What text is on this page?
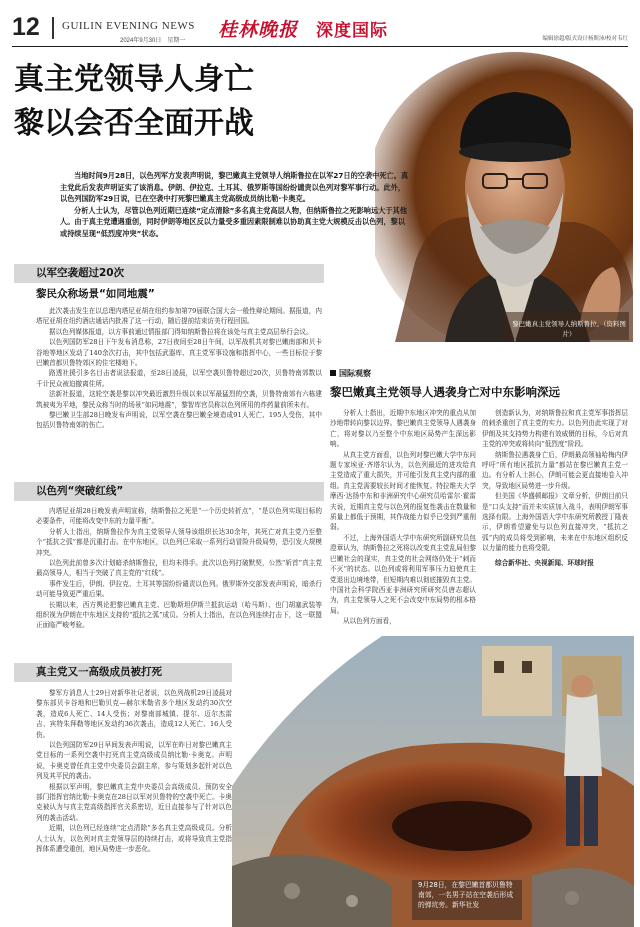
12 GUILIN EVENING NEWS
2024年9月30日　星期一 桂林晚报 深度国际	编辑徐超/版式设计杨斯沛/校对韦红
真主党领导人身亡
黎以会否全面开战
黎巴嫩真主党领导人纳斯鲁拉。（资料图片）

当地时间9月28日，以色列军方发表声明说，黎巴嫩真主党领导人纳斯鲁拉在以军27日的空袭中死亡。真主党此后发表声明证实了该消息。伊朗、伊拉克、土耳其、俄罗斯等国纷纷谴责以色列对黎军事行动。此外，以色列国防军29日说，已在空袭中打死黎巴嫩真主党高级成员纳比勒·卡奥克。

分析人士认为，尽管以色列近期已连续“定点清除”多名真主党高层人物，但纳斯鲁拉之死影响远大于其他人。由于真主党遭遇重创，同时伊朗等地区反以力量受多重因素限制难以协助真主党大规模反击以色列，黎以或持续呈现“低烈度冲突”状态。

以军空袭超过20次
黎民众称场景“如同地震”

此次袭击发生在以总理内塔尼亚胡在纽约参加第79届联合国大会一般性辩论期间。据报道，内塔尼亚胡在纽约酒店通话内批准了这一行动，随后提前结束访美行程回国。

据以色列媒体报道，以方事前通过情报部门得知纳斯鲁拉将在该处与真主党高层举行会议。

以色列国防军28日下午发布消息称，27日夜间至28日午间，以军战机共对黎巴嫩南部和贝卡谷地等地区发动了140余次打击，其中包括武器库、真主党军事设施和指挥中心，一些目标位于黎巴嫩首都贝鲁特郊区的住宅楼地下。

路透社援引多名目击者说法报道，至28日凌晨，以军空袭贝鲁特超过20次，贝鲁特南郊数以千计民众被迫撤离住所。

法新社报道，这轮空袭是黎以冲突最近激烈升级以来以军最猛烈的空袭，贝鲁特南郊有六栋建筑被夷为平地，黎民众称当时的场景“如同地震”，黎智库官员称以色列所用的炸药量前所未有。

黎巴嫩卫生部28日晚发布声明说，以军空袭在黎巴嫩全境造成91人死亡、195人受伤，其中包括贝鲁特南郊的伤亡。

以色列“突破红线”

内塔尼亚胡28日晚发表声明宣称，纳斯鲁拉之死是“一个历史转折点”，“是以色列实现目标的必要条件，可能将改变中东的力量平衡”。

分析人士指出，纳斯鲁拉作为真主党领导人领导该组织长达30余年，其死亡对真主党乃至整个“抵抗之弧”都是沉重打击。在中东地区，以色列已采取一系列行动冒险升级局势，恐引发大规模冲突。

以色列此前曾多次计划暗杀纳斯鲁拉，但均未得手。此次以色列打破默契，公然“斩首”真主党最高领导人，相当于突破了真主党的“红线”。

事件发生后，伊朗、伊拉克、土耳其等国纷纷谴责以色列。俄罗斯外交部发表声明说，暗杀行动可能导致更严重后果。

长期以来，西方舆论把黎巴嫩真主党、巴勒斯坦伊斯兰抵抗运动（哈马斯）、也门胡塞武装等组织视为伊朗在中东地区支持的“抵抗之弧”成员。分析人士指出，在以色列连续打击下，这一联盟正面临严峻考验。

真主党又一高级成员被打死

黎军方消息人士29日对新华社记者说，以色列战机29日凌晨对黎东部贝卡谷地和巴勒贝克—赫尔米勒省多个地区发动约30次空袭，造成6人死亡、14人受伤；对黎南部城镇、提尔、迈尔杰雷吉、宾特朱拜勒等地区发动约36次袭击，造成12人死亡、16人受伤。

以色列国防军29日早间发表声明说，以军在昨日对黎巴嫩真主党目标的一系列空袭中打死真主党高级成员纳比勒·卡奥克。声明说，卡奥克曾任真主党中央委员会副主席，参与策划多起针对以色列及其平民的袭击。

根据以军声明，黎巴嫩真主党中央委员会高级成员、预防安全部门指挥官纳比勒·卡奥克在28日以军对贝鲁特的空袭中死亡。卡奥克被认为与真主党高级指挥官关系密切，近日直接参与了针对以色列的袭击活动。

近期，以色列已经连续“定点清除”多名真主党高级成员。分析人士认为，以色列对真主党领导层的持续打击，或将导致真主党指挥体系遭受重创，地区局势进一步恶化。

国际观察
黎巴嫩真主党领导人遇袭身亡对中东影响深远

分析人士指出，近期中东地区冲突的重点从加沙地带转向黎以边界。黎巴嫩真主党领导人遇袭身亡，将对黎以乃至整个中东地区局势产生深远影响。

从真主党方面看，以色列对黎巴嫩大学中东问题专家埃亚·齐塔尔认为，以色列最近的进攻给真主党造成了重大损失，并可能引发真主党内部的重组。真主党需要较长时间才能恢复。特拉维夫大学摩西·达扬中东和非洲研究中心研究员哈雷尔·霍雷夫说，近期真主党与以色列的报复性袭击在数量和质量上都低于预期，其作战能力似乎已受到严重削弱。

不过，上海外国语大学中东研究所副研究员包澄章认为，纳斯鲁拉之死将以改变真主党乱局但黎巴嫩社会的现实，真主党的社会网络仍处于“刺而不灭”的状态。以色列或将利用军事压力迫使真主党退出边境地带，但短期内难以彻底摧毁真主党。中国社会科学院西亚非洲研究所研究员唐志超认为，真主党领导人之死不会改变中东局势的根本格局。

从以色列方面看，

创造新认为，对纳斯鲁拉和真主党军事指挥层的刺杀重创了真主党的实力。以色列由此实现了对伊朗及其支持势力构建有效威慑的目标，今后对真主党的冲突或将转向“低烈度”阶段。

纳斯鲁拉遇袭身亡后，伊朗最高领袖哈梅内伊呼吁“所有地区抵抗力量”都站在黎巴嫩真主党一边。有分析人士担心，伊朗可能会更直接地卷入冲突，导致地区局势进一步升级。

但美国《华盛顿邮报》文章分析，伊朗目前只是“口头支持”而并未实质加入战斗，表明伊朗军事选择有限。上海外国语大学中东研究所教授丁隆表示，伊朗希望避免与以色列直接冲突，“抵抗之弧”内的成员将受到影响，未来在中东地区组织反以力量的能力也将受限。

综合新华社、央视新闻、环球时报

9月28日，在黎巴嫩首都贝鲁特南郊，一名男子站在空袭后形成的弹坑旁。新华社发
